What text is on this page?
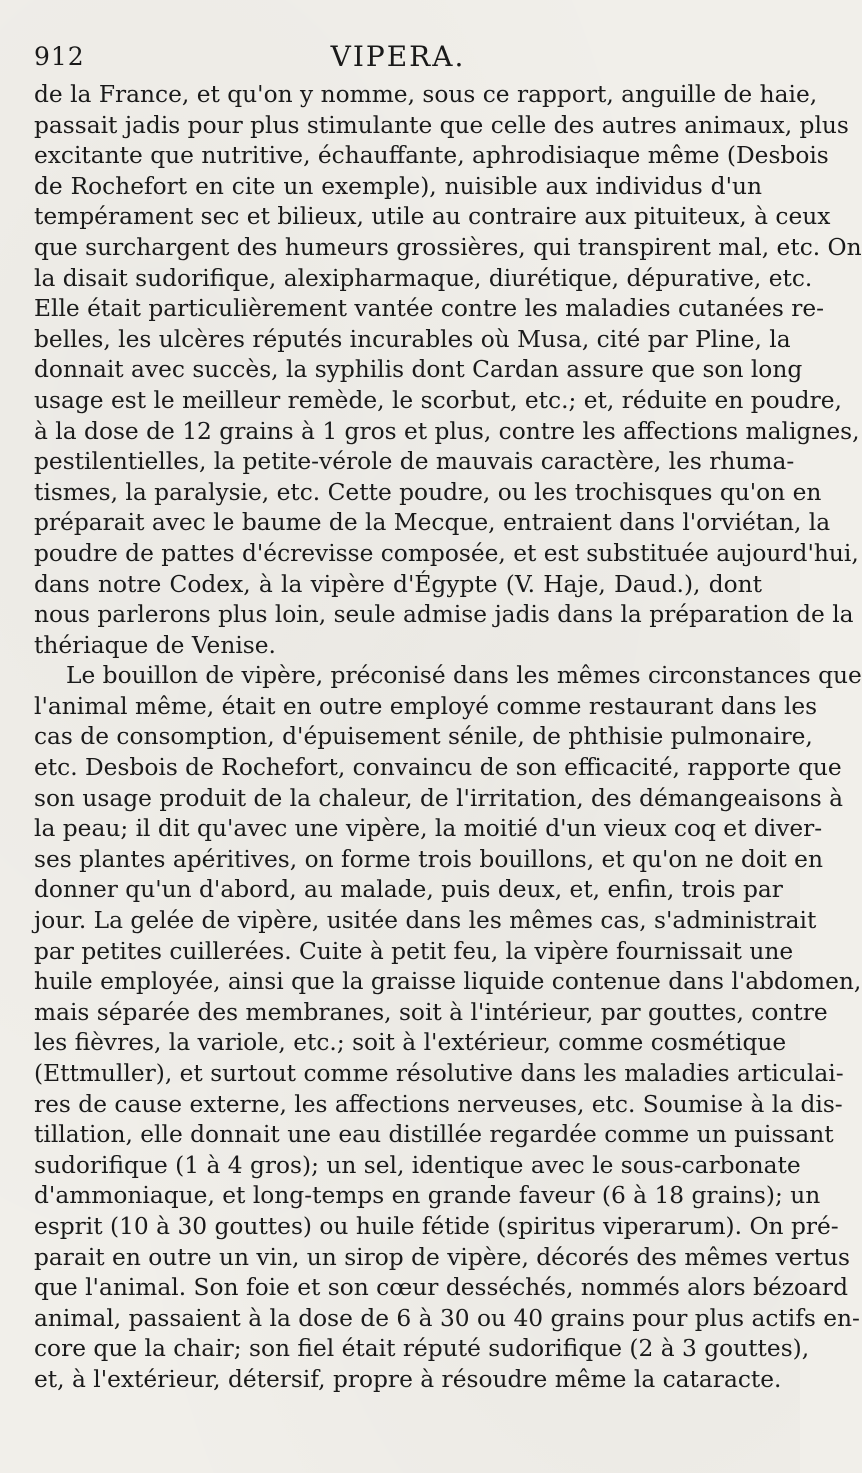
912	VIPERA.
de la France, et qu'on y nomme, sous ce rapport, anguille de haie,
passait jadis pour plus stimulante que celle des autres animaux, plus
excitante que nutritive, échauffante, aphrodisiaque même (Desbois
de Rochefort en cite un exemple), nuisible aux individus d'un
tempérament sec et bilieux, utile au contraire aux pituiteux, à ceux
que surchargent des humeurs grossières, qui transpirent mal, etc. On
la disait sudorifique, alexipharmaque, diurétique, dépurative, etc.
Elle était particulièrement vantée contre les maladies cutanées re-
belles, les ulcères réputés incurables où Musa, cité par Pline, la
donnait avec succès, la syphilis dont Cardan assure que son long
usage est le meilleur remède, le scorbut, etc.; et, réduite en poudre,
à la dose de 12 grains à 1 gros et plus, contre les affections malignes,
pestilentielles, la petite-vérole de mauvais caractère, les rhuma-
tismes, la paralysie, etc. Cette poudre, ou les trochisques qu'on en
préparait avec le baume de la Mecque, entraient dans l'orviétan, la
poudre de pattes d'écrevisse composée, et est substituée aujourd'hui,
dans notre Codex, à la vipère d'Égypte (V. Haje, Daud.), dont
nous parlerons plus loin, seule admise jadis dans la préparation de la
thériaque de Venise.
Le bouillon de vipère, préconisé dans les mêmes circonstances que
l'animal même, était en outre employé comme restaurant dans les
cas de consomption, d'épuisement sénile, de phthisie pulmonaire,
etc. Desbois de Rochefort, convaincu de son efficacité, rapporte que
son usage produit de la chaleur, de l'irritation, des démangeaisons à
la peau; il dit qu'avec une vipère, la moitié d'un vieux coq et diver-
ses plantes apéritives, on forme trois bouillons, et qu'on ne doit en
donner qu'un d'abord, au malade, puis deux, et, enfin, trois par
jour. La gelée de vipère, usitée dans les mêmes cas, s'administrait
par petites cuillerées. Cuite à petit feu, la vipère fournissait une
huile employée, ainsi que la graisse liquide contenue dans l'abdomen,
mais séparée des membranes, soit à l'intérieur, par gouttes, contre
les fièvres, la variole, etc.; soit à l'extérieur, comme cosmétique
(Ettmuller), et surtout comme résolutive dans les maladies articulai-
res de cause externe, les affections nerveuses, etc. Soumise à la dis-
tillation, elle donnait une eau distillée regardée comme un puissant
sudorifique (1 à 4 gros); un sel, identique avec le sous-carbonate
d'ammoniaque, et long-temps en grande faveur (6 à 18 grains); un
esprit (10 à 30 gouttes) ou huile fétide (spiritus viperarum). On pré-
parait en outre un vin, un sirop de vipère, décorés des mêmes vertus
que l'animal. Son foie et son cœur desséchés, nommés alors bézoard
animal, passaient à la dose de 6 à 30 ou 40 grains pour plus actifs en-
core que la chair; son fiel était réputé sudorifique (2 à 3 gouttes),
et, à l'extérieur, détersif, propre à résoudre même la cataracte.
